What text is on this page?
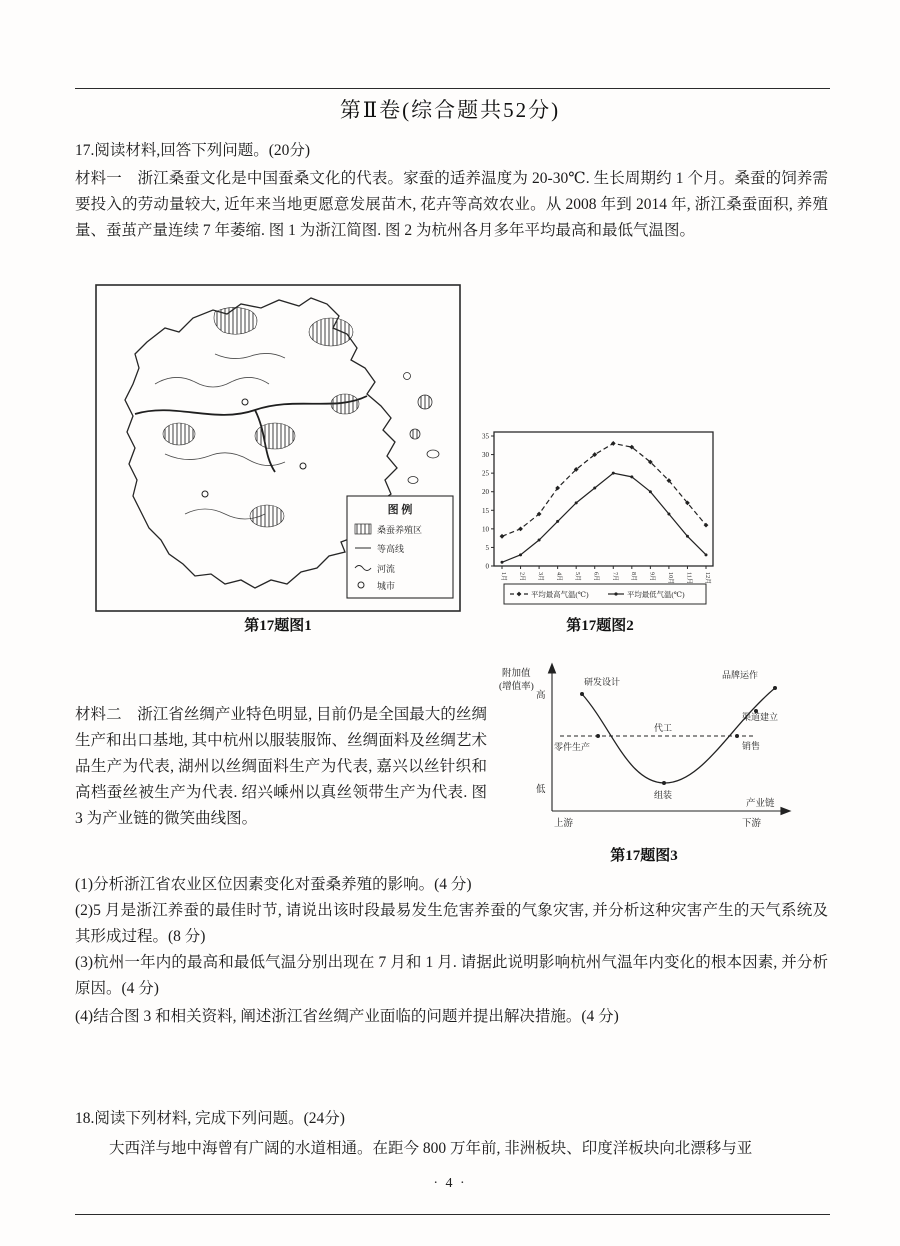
第Ⅱ卷(综合题共52分)
17.阅读材料,回答下列问题。(20分)
材料一　浙江桑蚕文化是中国蚕桑文化的代表。家蚕的适养温度为 20-30℃. 生长周期约 1 个月。桑蚕的饲养需要投入的劳动量较大, 近年来当地更愿意发展苗木, 花卉等高效农业。从 2008 年到 2014 年, 浙江桑蚕面积, 养殖量、蚕茧产量连续 7 年萎缩. 图 1 为浙江简图. 图 2 为杭州各月多年平均最高和最低气温图。
图 例
桑蚕养殖区
等高线
河流
城市
第17题图1
0
5
10
15
20
25
30
35
1月 2月 3月 4月 5月 6月 7月 8月 9月 10月 11月 12月
平均最高气温(℃)	平均最低气温(℃)
第17题图2
材料二　浙江省丝绸产业特色明显, 目前仍是全国最大的丝绸生产和出口基地, 其中杭州以服装服饰、丝绸面料及丝绸艺术品生产为代表, 湖州以丝绸面料生产为代表, 嘉兴以丝针织和高档蚕丝被生产为代表. 绍兴嵊州以真丝领带生产为代表. 图 3 为产业链的微笑曲线图。
附加值
(增值率)
高
低
研发设计
品牌运作
渠道建立
零件生产
代工
销售
组装
产业链
上游	下游
第17题图3
(1)分析浙江省农业区位因素变化对蚕桑养殖的影响。(4 分)
(2)5 月是浙江养蚕的最佳时节, 请说出该时段最易发生危害养蚕的气象灾害, 并分析这种灾害产生的天气系统及其形成过程。(8 分)
(3)杭州一年内的最高和最低气温分别出现在 7 月和 1 月. 请据此说明影响杭州气温年内变化的根本因素, 并分析原因。(4 分)
(4)结合图 3 和相关资料, 阐述浙江省丝绸产业面临的问题并提出解决措施。(4 分)
18.阅读下列材料, 完成下列问题。(24分)
大西洋与地中海曾有广阔的水道相通。在距今 800 万年前, 非洲板块、印度洋板块向北漂移与亚
· 4 ·
